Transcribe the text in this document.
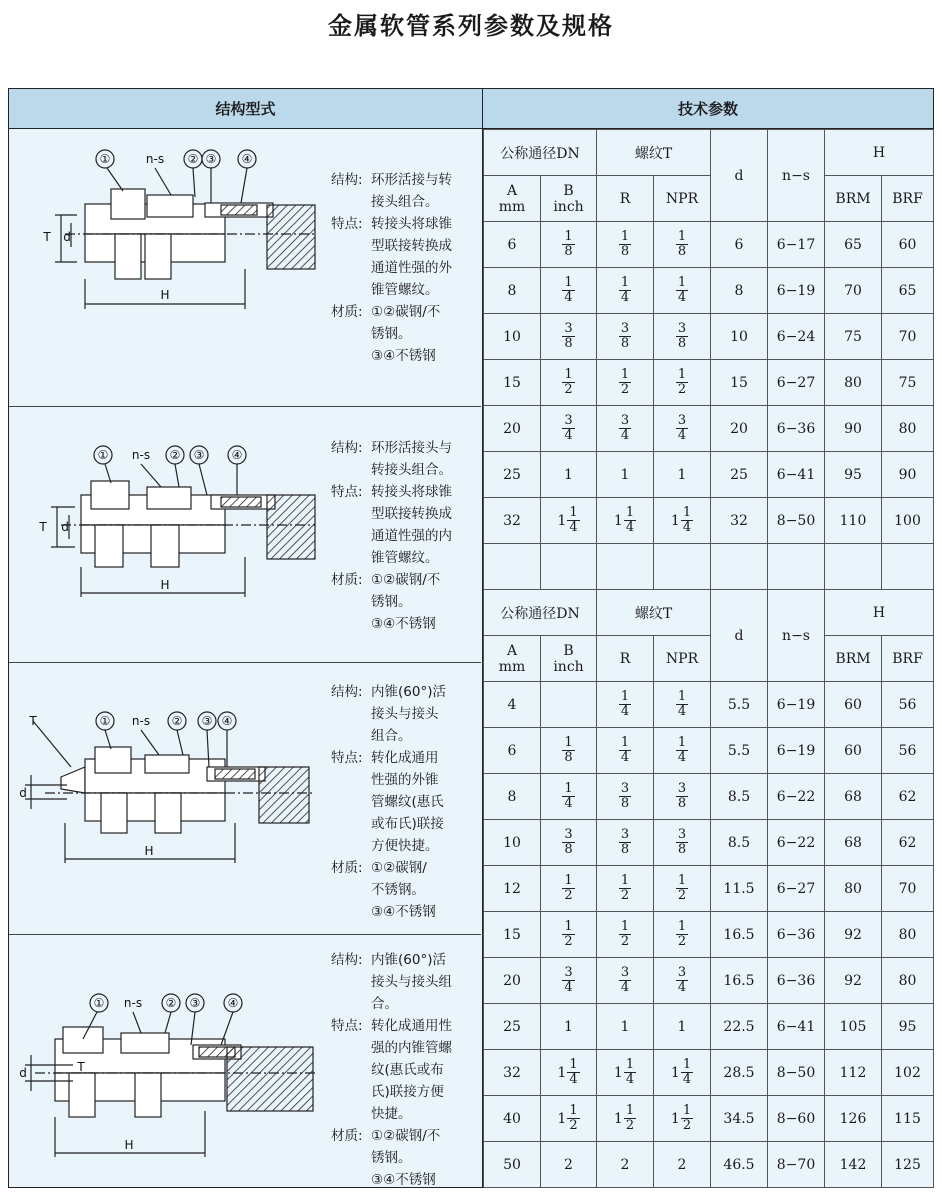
金属软管系列参数及规格
结构型式	技术参数
①	n-s ② ③ ④
T d
H
结构: 环形活接与转
接头组合。
特点: 转接头将球锥
型联接转换成
通道性强的外
锥管螺纹。
材质: ①②碳钢/不
锈钢。
③④不锈钢
① n-s ② ③ ④
T d
H
结构: 环形活接头与
转接头组合。
特点: 转接头将球锥
型联接转换成
通道性强的内
锥管螺纹。
材质: ①②碳钢/不
锈钢。
③④不锈钢
① n-s ② ③ ④
T
d
H
结构: 内锥(60°)活
接头与接头
组合。
特点: 转化成通用
性强的外锥
管螺纹(惠氏
或布氏)联接
方便快捷。
材质: ①②碳钢/
不锈钢。
③④不锈钢
① n-s ② ③ ④
T
d
H
结构: 内锥(60°)活
接头与接头组
合。
特点: 转化成通用性
强的内锥管螺
纹(惠氏或布
氏)联接方便
快捷。
材质: ①②碳钢/不
锈钢。
③④不锈钢
公称通径DN		螺纹T		d	n−s	H	
A
mm	B
inch	R	NPR			BRM	BRF
6	$\frac{1}{8}$	$\frac{1}{8}$	$\frac{1}{8}$	6	6−17	65	60
8	$\frac{1}{4}$	$\frac{1}{4}$	$\frac{1}{4}$	8	6−19	70	65
10	$\frac{3}{8}$	$\frac{3}{8}$	$\frac{3}{8}$	10	6−24	75	70
15	$\frac{1}{2}$	$\frac{1}{2}$	$\frac{1}{2}$	15	6−27	80	75
20	$\frac{3}{4}$	$\frac{3}{4}$	$\frac{3}{4}$	20	6−36	90	80
25	1	1	1	25	6−41	95	90
32	$1 \frac{1}{4}$	$1 \frac{1}{4}$	$1 \frac{1}{4}$	32	8−50	110	100

公称通径DN		螺纹T		d	n−s	H	
A
mm	B
inch	R	NPR			BRM	BRF
4		$\frac{1}{4}$	$\frac{1}{4}$	5.5	6−19	60	56
6	$\frac{1}{8}$	$\frac{1}{4}$	$\frac{1}{4}$	5.5	6−19	60	56
8	$\frac{1}{4}$	$\frac{3}{8}$	$\frac{3}{8}$	8.5	6−22	68	62
10	$\frac{3}{8}$	$\frac{3}{8}$	$\frac{3}{8}$	8.5	6−22	68	62
12	$\frac{1}{2}$	$\frac{1}{2}$	$\frac{1}{2}$	11.5	6−27	80	70
15	$\frac{1}{2}$	$\frac{1}{2}$	$\frac{1}{2}$	16.5	6−36	92	80
20	$\frac{3}{4}$	$\frac{3}{4}$	$\frac{3}{4}$	16.5	6−36	92	80
25	1	1	1	22.5	6−41	105	95
32	$1 \frac{1}{4}$	$1 \frac{1}{4}$	$1 \frac{1}{4}$	28.5	8−50	112	102
40	$1 \frac{1}{2}$	$1 \frac{1}{2}$	$1 \frac{1}{2}$	34.5	8−60	126	115
50	2	2	2	46.5	8−70	142	125
